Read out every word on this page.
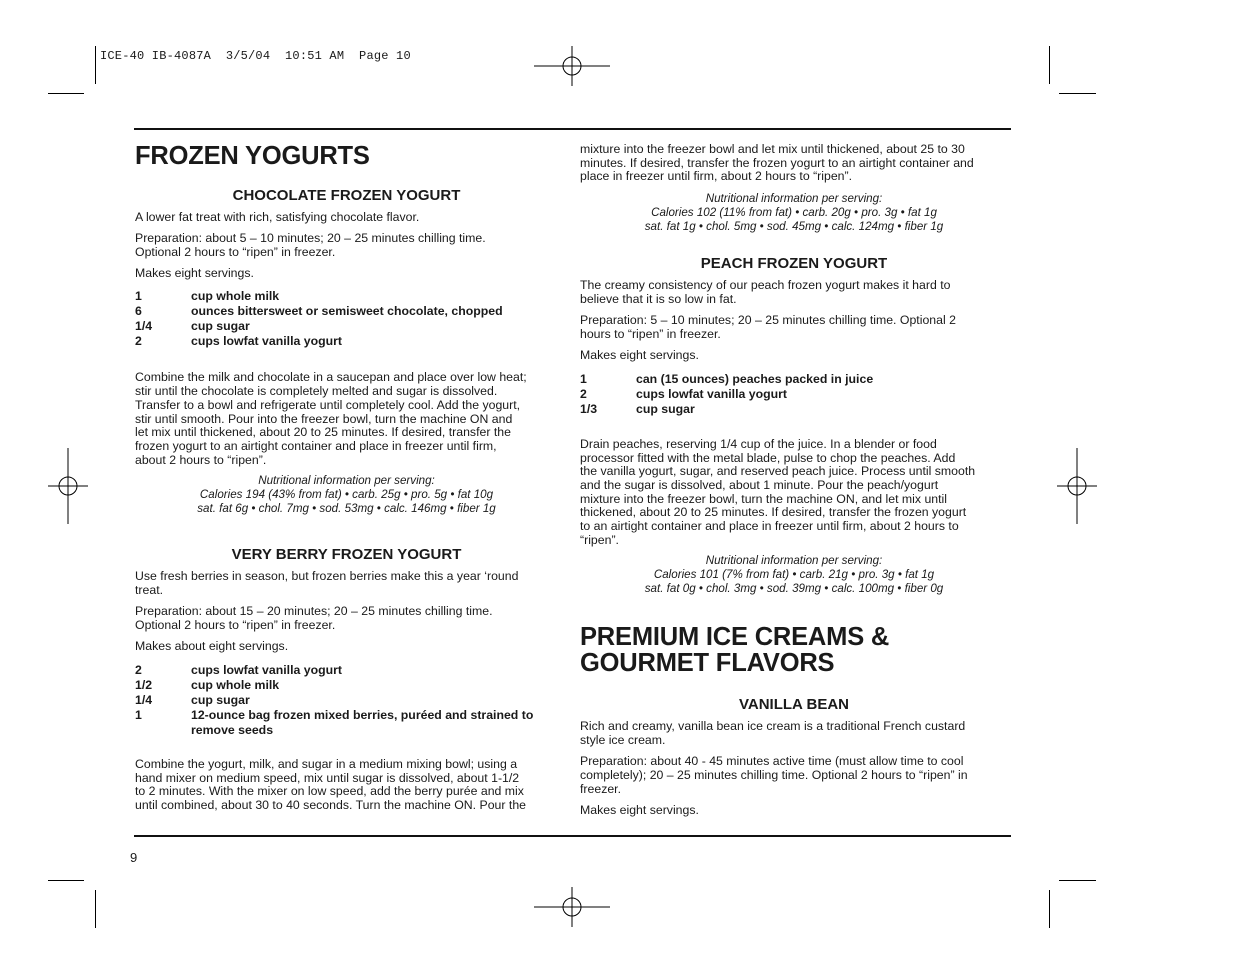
ICE-40 IB-4087A  3/5/04  10:51 AM  Page 10
FROZEN YOGURTS
CHOCOLATE FROZEN YOGURT

A lower fat treat with rich, satisfying chocolate flavor.

Preparation: about 5 – 10 minutes; 20 – 25 minutes chilling time.
Optional 2 hours to “ripen” in freezer.

Makes eight servings.

1	cup whole milk
6	ounces bittersweet or semisweet chocolate, chopped
1/4	cup sugar
2	cups lowfat vanilla yogurt

Combine the milk and chocolate in a saucepan and place over low heat;
stir until the chocolate is completely melted and sugar is dissolved.
Transfer to a bowl and refrigerate until completely cool. Add the yogurt,
stir until smooth. Pour into the freezer bowl, turn the machine ON and
let mix until thickened, about 20 to 25 minutes. If desired, transfer the
frozen yogurt to an airtight container and place in freezer until firm,
about 2 hours to “ripen”.

Nutritional information per serving:
Calories 194 (43% from fat) • carb. 25g • pro. 5g • fat 10g
sat. fat 6g • chol. 7mg • sod. 53mg • calc. 146mg • fiber 1g
VERY BERRY FROZEN YOGURT

Use fresh berries in season, but frozen berries make this a year ‘round
treat.

Preparation: about 15 – 20 minutes; 20 – 25 minutes chilling time.
Optional 2 hours to “ripen” in freezer.

Makes about eight servings.

2	cups lowfat vanilla yogurt
1/2	cup whole milk
1/4	cup sugar
1	12-ounce bag frozen mixed berries, puréed and strained to remove seeds

Combine the yogurt, milk, and sugar in a medium mixing bowl; using a
hand mixer on medium speed, mix until sugar is dissolved, about 1-1/2
to 2 minutes. With the mixer on low speed, add the berry purée and mix
until combined, about 30 to 40 seconds. Turn the machine ON. Pour the

mixture into the freezer bowl and let mix until thickened, about 25 to 30
minutes. If desired, transfer the frozen yogurt to an airtight container and
place in freezer until firm, about 2 hours to “ripen”.

Nutritional information per serving:
Calories 102 (11% from fat) • carb. 20g • pro. 3g • fat 1g
sat. fat 1g • chol. 5mg • sod. 45mg • calc. 124mg • fiber 1g
PEACH FROZEN YOGURT

The creamy consistency of our peach frozen yogurt makes it hard to
believe that it is so low in fat.

Preparation: 5 – 10 minutes; 20 – 25 minutes chilling time. Optional 2
hours to “ripen” in freezer.

Makes eight servings.

1	can (15 ounces) peaches packed in juice
2	cups lowfat vanilla yogurt
1/3	cup sugar

Drain peaches, reserving 1/4 cup of the juice. In a blender or food
processor fitted with the metal blade, pulse to chop the peaches. Add
the vanilla yogurt, sugar, and reserved peach juice. Process until smooth
and the sugar is dissolved, about 1 minute. Pour the peach/yogurt
mixture into the freezer bowl, turn the machine ON, and let mix until
thickened, about 20 to 25 minutes. If desired, transfer the frozen yogurt
to an airtight container and place in freezer until firm, about 2 hours to
“ripen”.

Nutritional information per serving:
Calories 101 (7% from fat) • carb. 21g • pro. 3g • fat 1g
sat. fat 0g • chol. 3mg • sod. 39mg • calc. 100mg • fiber 0g
PREMIUM ICE CREAMS &
GOURMET FLAVORS
VANILLA BEAN

Rich and creamy, vanilla bean ice cream is a traditional French custard
style ice cream.

Preparation: about 40 - 45 minutes active time (must allow time to cool
completely); 20 – 25 minutes chilling time. Optional 2 hours to “ripen” in
freezer.

Makes eight servings.

9
